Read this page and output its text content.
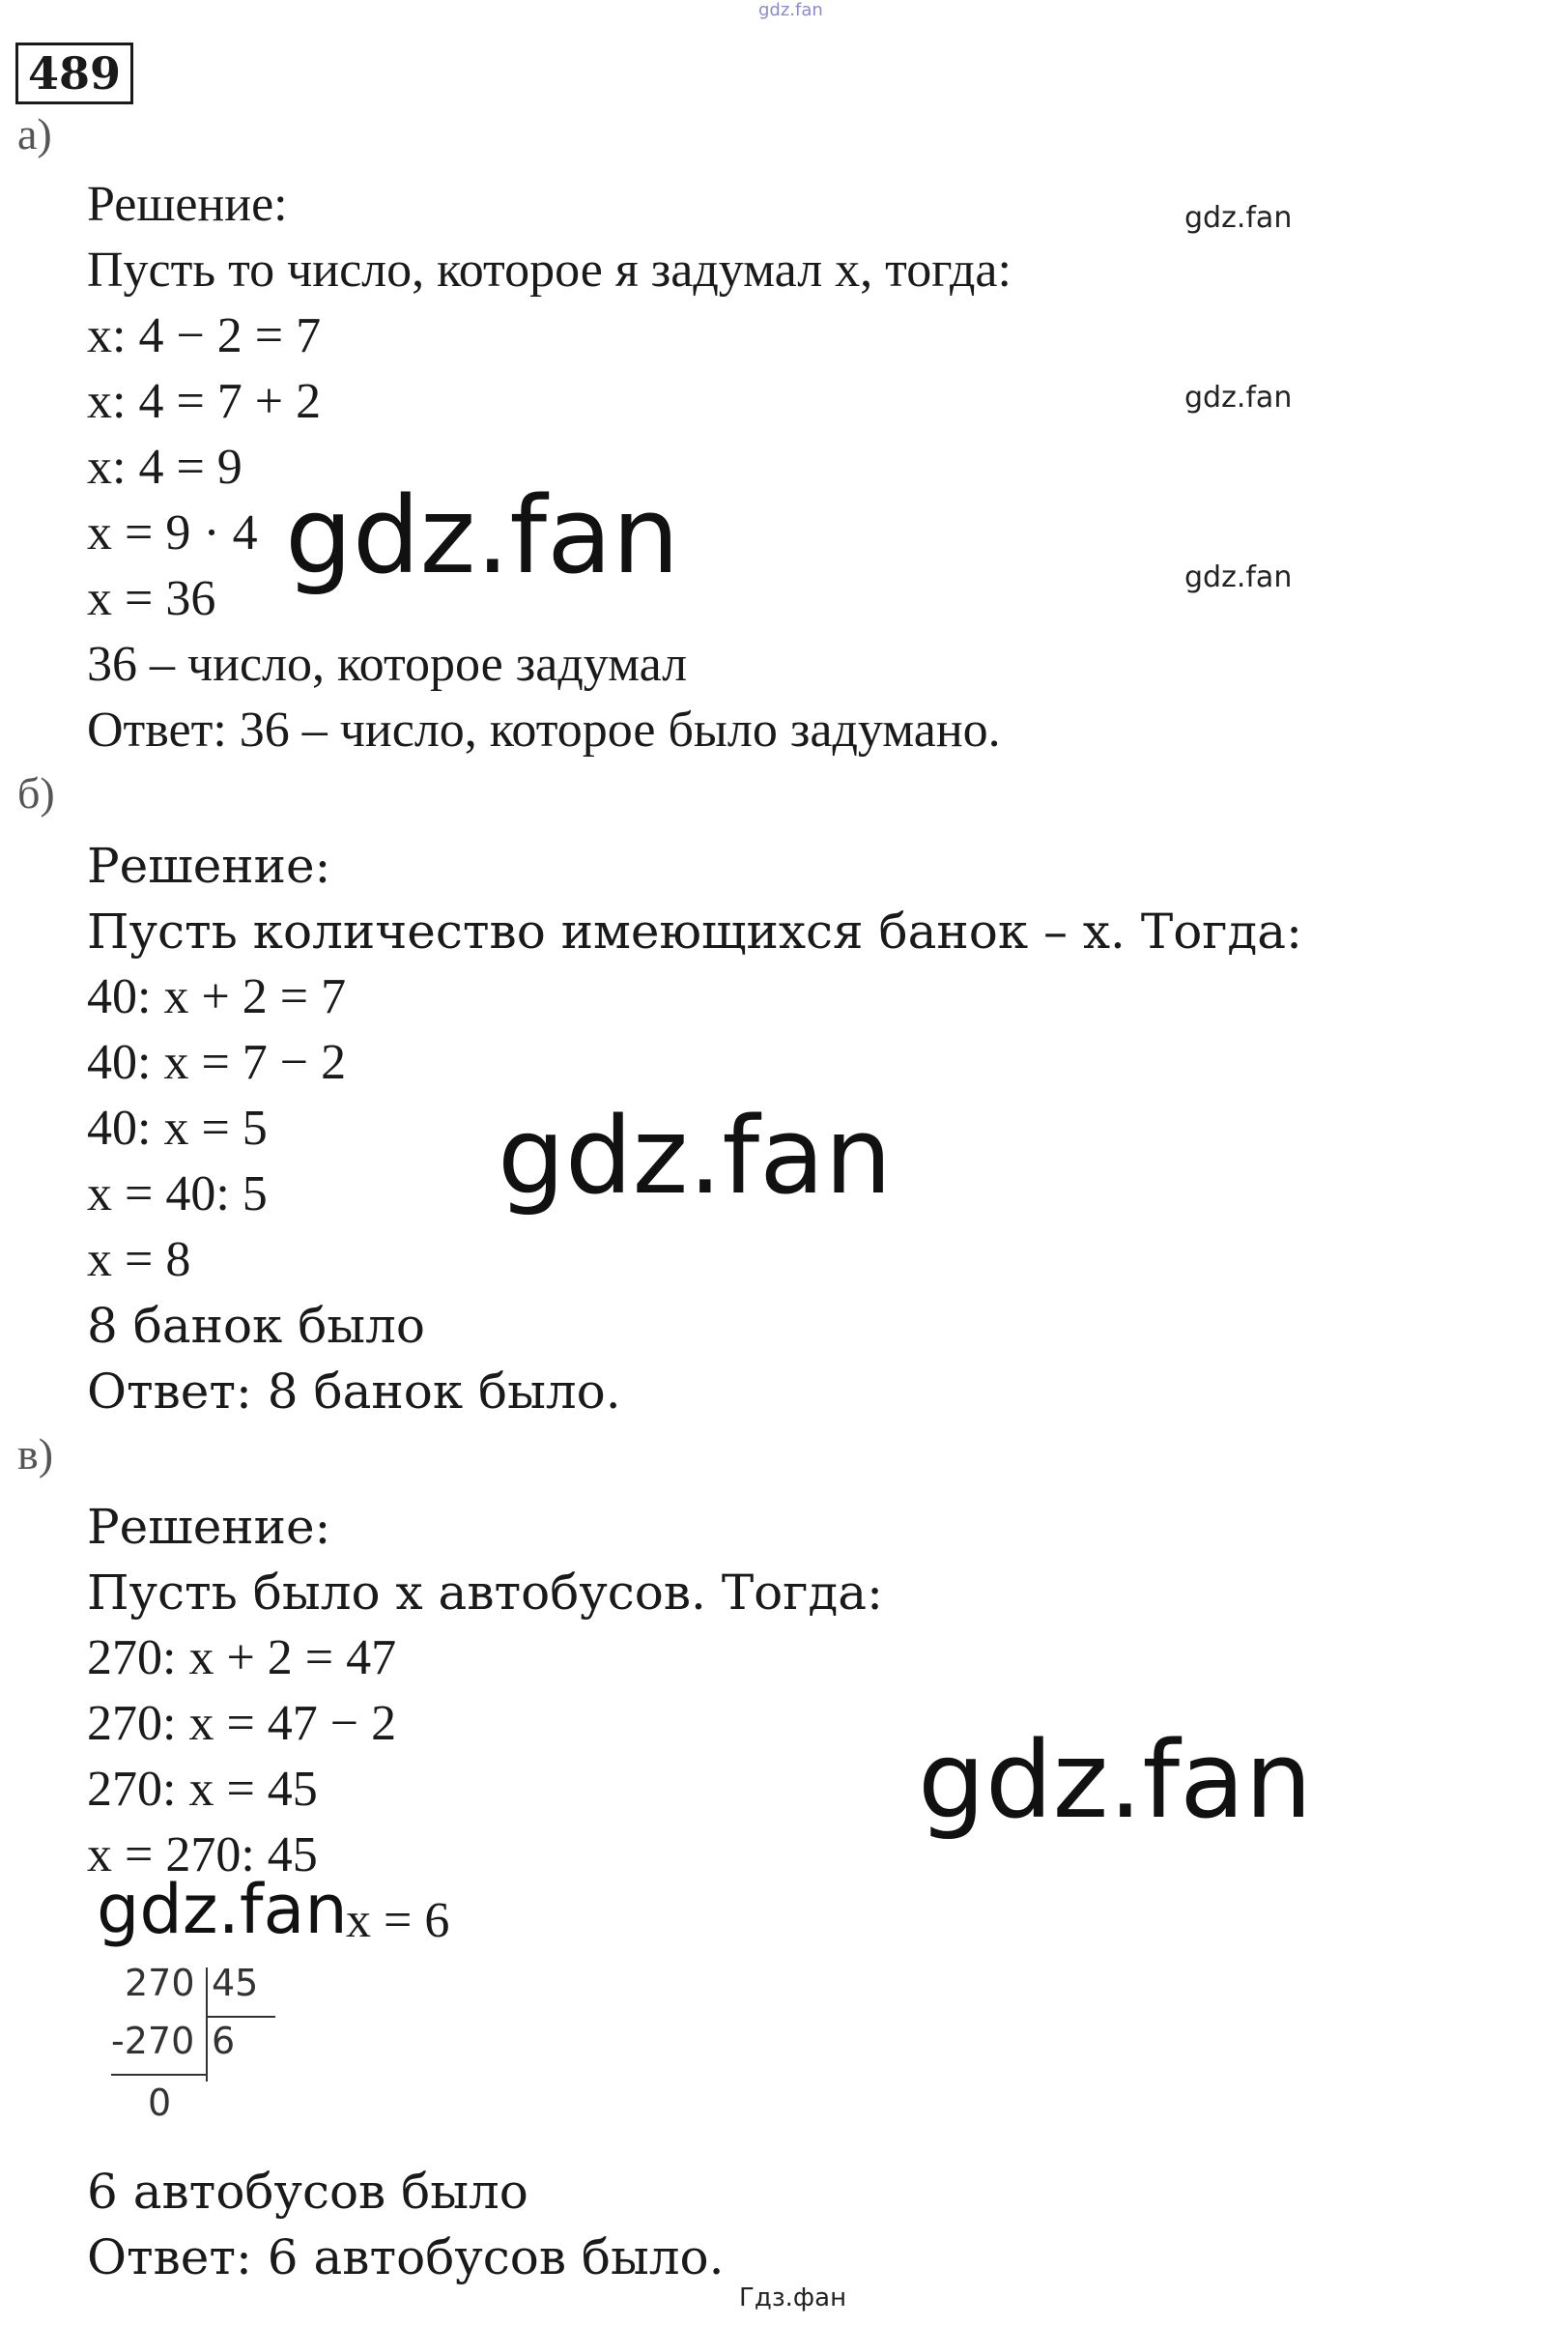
gdz.fan
489
а)
Решение:
Пусть то число, которое я задумал x, тогда:
x: 4 − 2 = 7
x: 4 = 7 + 2
x: 4 = 9
x = 9 · 4
x = 36
36 – число, которое задумал
Ответ: 36 – число, которое было задумано.
б)
Решение:
Пусть количество имеющихся банок – x. Тогда:
40: x + 2 = 7
40: x = 7 − 2
40: x = 5
x = 40: 5
x = 8
8 банок было
Ответ: 8 банок было.
в)
Решение:
Пусть было x автобусов. Тогда:
270: x + 2 = 47
270: x = 47 − 2
270: x = 45
x = 270: 45
x = 6
270 45
-270 6
0
6 автобусов было
Ответ: 6 автобусов было.
gdz.fan
gdz.fan
gdz.fan
gdz.fan
gdz.fan
gdz.fan
gdz.fan
Гдз.фан
